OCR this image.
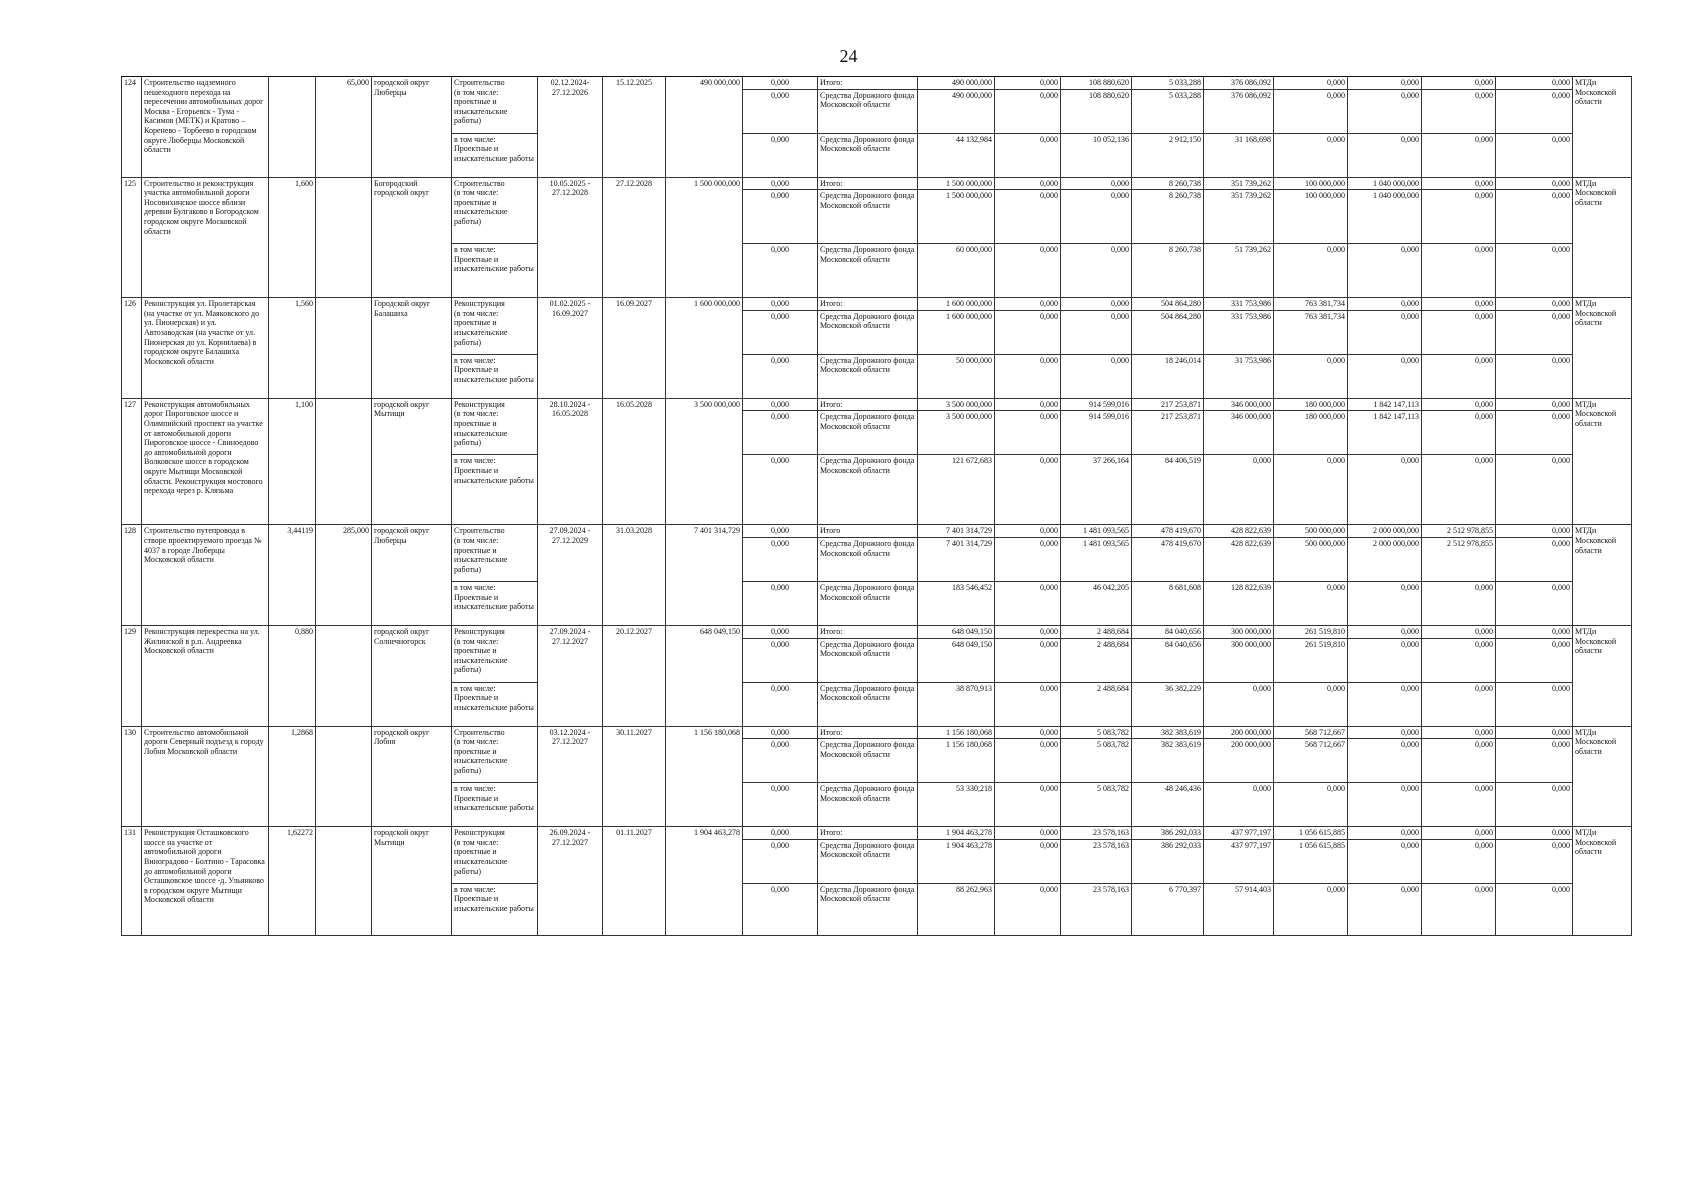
24
124	Строительство надземного пешеходного перехода на пересечении автомобильных дорог Москва - Егорьевск - Тума - Касимов (МЕТК) и Кратово – Коренево - Торбеево в городском округе Люберцы Московской области		65,000	городской округ Люберцы	Строительство
(в том числе: проектные и изыскательские работы)	02.12.2024-27.12.2026	15.12.2025	490 000,000	0,000	Итого:	490 000,000	0,000	108 880,620	5 033,288	376 086,092	0,000	0,000	0,000	0,000	МТДи Московской области
									0,000	Средства Дорожного фонда Московской области	490 000,000	0,000	108 880,620	5 033,288	376 086,092	0,000	0,000	0,000	0,000	
					в том числе: Проектные и изыскательские работы				0,000	Средства Дорожного фонда Московской области	44 132,984	0,000	10 052,136	2 912,150	31 168,698	0,000	0,000	0,000	0,000	
125	Строительство и реконструкция участка автомобильной дороги Носовихинское шоссе вблизи деревни Булгаково в Богородском городском округе Московской области	1,600		Богородский городской округ	Строительство
(в том числе: проектные и изыскательские работы)	10.05.2025 - 27.12.2028	27.12.2028	1 500 000,000	0,000	Итого:	1 500 000,000	0,000	0,000	8 260,738	351 739,262	100 000,000	1 040 000,000	0,000	0,000	МТДи Московской области
									0,000	Средства Дорожного фонда Московской области	1 500 000,000	0,000	0,000	8 260,738	351 739,262	100 000,000	1 040 000,000	0,000	0,000	
					в том числе: Проектные и изыскательские работы				0,000	Средства Дорожного фонда Московской области	60 000,000	0,000	0,000	8 260,738	51 739,262	0,000	0,000	0,000	0,000	
126	Реконструкция ул. Пролетарская (на участке от ул. Маяковского до ул. Пионерская) и ул. Автозаводская (на участке от ул. Пионерская до ул. Корнилаева) в городском округе Балашиха Московской области	1,560		Городской округ Балашиха	Реконструкция
(в том числе: проектные и изыскательские работы)	01.02.2025 - 16.09.2027	16.09.2027	1 600 000,000	0,000	Итого:	1 600 000,000	0,000	0,000	504 864,280	331 753,986	763 381,734	0,000	0,000	0,000	МТДи Московской области
									0,000	Средства Дорожного фонда Московской области	1 600 000,000	0,000	0,000	504 864,280	331 753,986	763 381,734	0,000	0,000	0,000	
					в том числе: Проектные и изыскательские работы				0,000	Средства Дорожного фонда Московской области	50 000,000	0,000	0,000	18 246,014	31 753,986	0,000	0,000	0,000	0,000	
127	Реконструкция автомобильных дорог Пироговское шоссе и Олимпийский проспект на участке от автомобильной дороги Пироговское шоссе - Свиноедово до автомобильной дороги Волковское шоссе в городском округе Мытищи Московской области. Реконструкция мостового перехода через р. Клязьма	1,100		городской округ Мытищи	Реконструкция
(в том числе: проектные и изыскательские работы)	28.10.2024 - 16.05.2028	16.05.2028	3 500 000,000	0,000	Итого:	3 500 000,000	0,000	914 599,016	217 253,871	346 000,000	180 000,000	1 842 147,113	0,000	0,000	МТДи Московской области
									0,000	Средства Дорожного фонда Московской области	3 500 000,000	0,000	914 599,016	217 253,871	346 000,000	180 000,000	1 842 147,113	0,000	0,000	
					в том числе: Проектные и изыскательские работы				0,000	Средства Дорожного фонда Московской области	121 672,683	0,000	37 266,164	84 406,519	0,000	0,000	0,000	0,000	0,000	
128	Строительство путепровода в створе проектируемого проезда № 4037 в городе Люберцы Московской области	3,44119	285,000	городской округ Люберцы	Строительство
(в том числе: проектные и изыскательские работы)	27.09.2024 - 27.12.2029	31.03.2028	7 401 314,729	0,000	Итого	7 401 314,729	0,000	1 481 093,565	478 419,670	428 822,639	500 000,000	2 000 000,000	2 512 978,855	0,000	МТДи Московской области
									0,000	Средства Дорожного фонда Московской области	7 401 314,729	0,000	1 481 093,565	478 419,670	428 822,639	500 000,000	2 000 000,000	2 512 978,855	0,000	
					в том числе: Проектные и изыскательские работы				0,000	Средства Дорожного фонда Московской области	183 546,452	0,000	46 042,205	8 681,608	128 822,639	0,000	0,000	0,000	0,000	
129	Реконструкция перекрестка на ул. Жилинской в р.п. Андреевка Московской области	0,880		городской округ Солнечногорск	Реконструкция
(в том числе: проектные и изыскательские работы)	27.09.2024 - 27.12.2027	20.12.2027	648 049,150	0,000	Итого:	648 049,150	0,000	2 488,684	84 040,656	300 000,000	261 519,810	0,000	0,000	0,000	МТДи Московской области
									0,000	Средства Дорожного фонда Московской области	648 049,150	0,000	2 488,684	84 040,656	300 000,000	261 519,810	0,000	0,000	0,000	
					в том числе: Проектные и изыскательские работы				0,000	Средства Дорожного фонда Московской области	38 870,913	0,000	2 488,684	36 382,229	0,000	0,000	0,000	0,000	0,000	
130	Строительство автомобильной дороги Северный подъезд к городу Лобня Московской области	1,2868		городской округ Лобня	Строительство
(в том числе: проектные и изыскательские работы)	03.12.2024 - 27.12.2027	30.11.2027	1 156 180,068	0,000	Итого:	1 156 180,068	0,000	5 083,782	382 383,619	200 000,000	568 712,667	0,000	0,000	0,000	МТДи Московской области
									0,000	Средства Дорожного фонда Московской области	1 156 180,068	0,000	5 083,782	382 383,619	200 000,000	568 712,667	0,000	0,000	0,000	
					в том числе: Проектные и изыскательские работы				0,000	Средства Дорожного фонда Московской области	53 330,218	0,000	5 083,782	48 246,436	0,000	0,000	0,000	0,000	0,000	
131	Реконструкция Осташковского шоссе на участке от автомобильной дороги Виноградово - Болтино - Тарасовка до автомобильной дороги Осташковское шоссе -д. Ульянково в городском округе Мытищи Московской области	1,62272		городской округ Мытищи	Реконструкция
(в том числе: проектные и изыскательские работы)	26.09.2024 - 27.12.2027	01.11.2027	1 904 463,278	0,000	Итого:	1 904 463,278	0,000	23 578,163	386 292,033	437 977,197	1 056 615,885	0,000	0,000	0,000	МТДи Московской области
									0,000	Средства Дорожного фонда Московской области	1 904 463,278	0,000	23 578,163	386 292,033	437 977,197	1 056 615,885	0,000	0,000	0,000	
					в том числе: Проектные и изыскательские работы				0,000	Средства Дорожного фонда Московской области	88 262,963	0,000	23 578,163	6 770,397	57 914,403	0,000	0,000	0,000	0,000	
